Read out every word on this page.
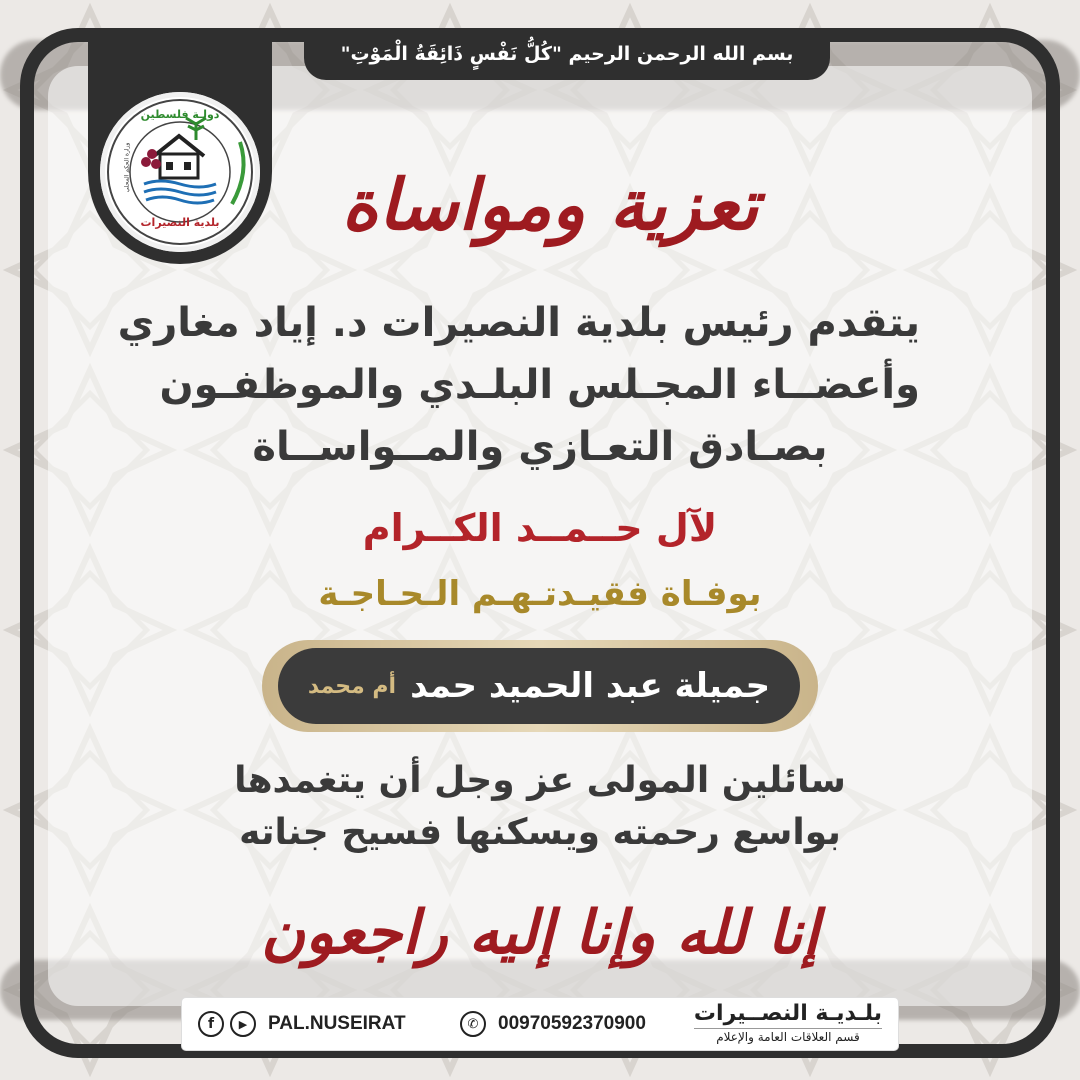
بسم الله الرحمن الرحيم "كُلُّ نَفْسٍ ذَائِقَةُ الْمَوْتِ"
دولـة فلسطين
وزارة الحكم المحلي
بلدية النصيرات تعزية ومواساة
يتقدم رئيس بلدية النصيرات د. إياد مغاري
وأعضــاء المجـلس البلـدي والموظفـون
بصـادق التعـازي والمــواســاة
لآل حــمــد الكــرام
بوفـاة فقيـدتـهـم الـحـاجـة
جميلة عبد الحميد حمد
أم محمد
سائلين المولى عز وجل أن يتغمدها
بواسع رحمته ويسكنها فسيح جناته
إنا لله وإنا إليه راجعون
f	▶	PAL.NUSEIRAT	✆	00970592370900 بلـديـة النصــيرات
قسم العلاقات العامة والإعلام
